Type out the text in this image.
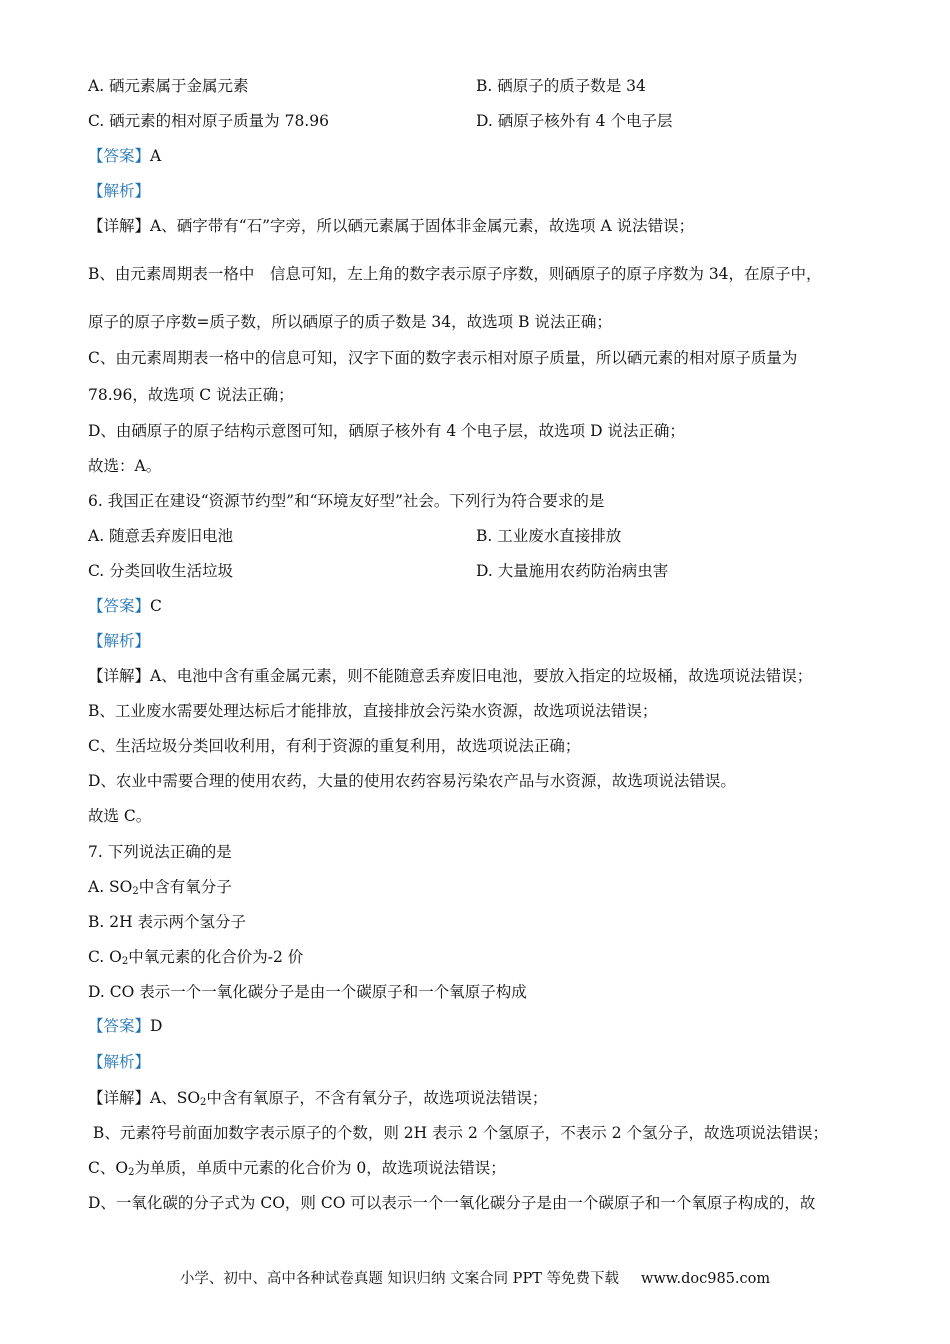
A. 硒元素属于金属元素	B. 硒原子的质子数是 34
C. 硒元素的相对原子质量为 78.96	D. 硒原子核外有 4 个电子层
【答案】A
【解析】
【详解】A、硒字带有“石”字旁，所以硒元素属于固体非金属元素，故选项 A 说法错误；
B、由元素周期表一格中　信息可知，左上角的数字表示原子序数，则硒原子的原子序数为 34，在原子中，
原子的原子序数=质子数，所以硒原子的质子数是 34，故选项 B 说法正确；
C、由元素周期表一格中的信息可知，汉字下面的数字表示相对原子质量，所以硒元素的相对原子质量为
78.96，故选项 C 说法正确；
D、由硒原子的原子结构示意图可知，硒原子核外有 4 个电子层，故选项 D 说法正确；
故选：A。
6. 我国正在建设“资源节约型”和“环境友好型”社会。下列行为符合要求的是
A. 随意丢弃废旧电池	B. 工业废水直接排放
C. 分类回收生活垃圾	D. 大量施用农药防治病虫害
【答案】C
【解析】
【详解】A、电池中含有重金属元素，则不能随意丢弃废旧电池，要放入指定的垃圾桶，故选项说法错误；
B、工业废水需要处理达标后才能排放，直接排放会污染水资源，故选项说法错误；
C、生活垃圾分类回收利用，有利于资源的重复利用，故选项说法正确；
D、农业中需要合理的使用农药，大量的使用农药容易污染农产品与水资源，故选项说法错误。
故选 C。
7. 下列说法正确的是
A. $SO_2$中含有氧分子
B. 2H 表示两个氢分子
C. $O_2$中氧元素的化合价为-2 价
D. CO 表示一个一氧化碳分子是由一个碳原子和一个氧原子构成
【答案】D
【解析】
【详解】A、$SO_2$中含有氧原子，不含有氧分子，故选项说法错误；
B、元素符号前面加数字表示原子的个数，则 2H 表示 2 个氢原子，不表示 2 个氢分子，故选项说法错误；
C、$O_2$为单质，单质中元素的化合价为 0，故选项说法错误；
D、一氧化碳的分子式为 CO，则 CO 可以表示一个一氧化碳分子是由一个碳原子和一个氧原子构成的，故
小学、初中、高中各种试卷真题 知识归纳 文案合同 PPT 等免费下载 www.doc985.com
